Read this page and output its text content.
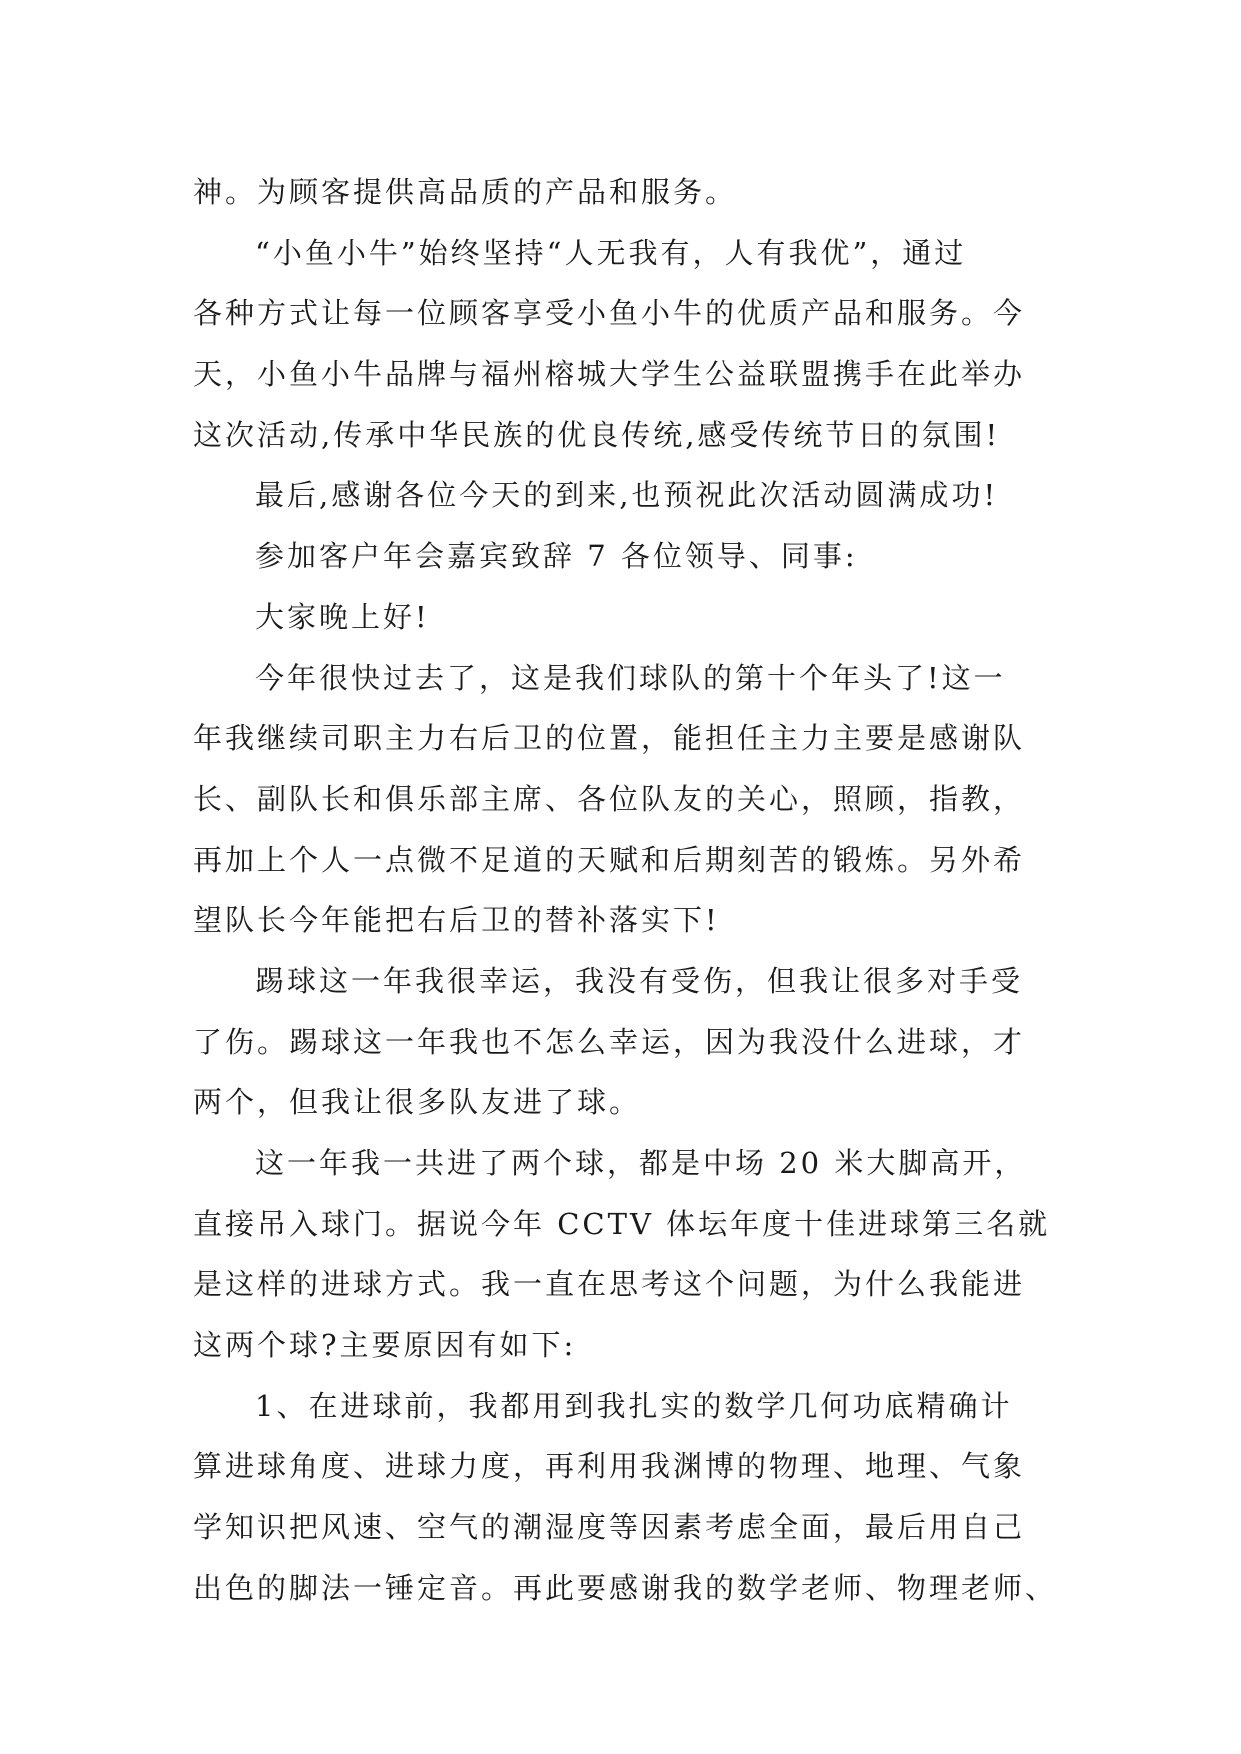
神。为顾客提供高品质的产品和服务。
“小鱼小牛”始终坚持“人无我有，人有我优”，通过
各种方式让每一位顾客享受小鱼小牛的优质产品和服务。今
天，小鱼小牛品牌与福州榕城大学生公益联盟携手在此举办
这次活动,传承中华民族的优良传统,感受传统节日的氛围!
最后,感谢各位今天的到来,也预祝此次活动圆满成功!
参加客户年会嘉宾致辞 7 各位领导、同事:
大家晚上好!
今年很快过去了，这是我们球队的第十个年头了!这一
年我继续司职主力右后卫的位置，能担任主力主要是感谢队
长、副队长和俱乐部主席、各位队友的关心，照顾，指教，
再加上个人一点微不足道的天赋和后期刻苦的锻炼。另外希
望队长今年能把右后卫的替补落实下!
踢球这一年我很幸运，我没有受伤，但我让很多对手受
了伤。踢球这一年我也不怎么幸运，因为我没什么进球，才
两个，但我让很多队友进了球。
这一年我一共进了两个球，都是中场 20 米大脚高开，
直接吊入球门。据说今年 CCTV 体坛年度十佳进球第三名就
是这样的进球方式。我一直在思考这个问题，为什么我能进
这两个球?主要原因有如下:
1、在进球前，我都用到我扎实的数学几何功底精确计
算进球角度、进球力度，再利用我渊博的物理、地理、气象
学知识把风速、空气的潮湿度等因素考虑全面，最后用自己
出色的脚法一锤定音。再此要感谢我的数学老师、物理老师、
